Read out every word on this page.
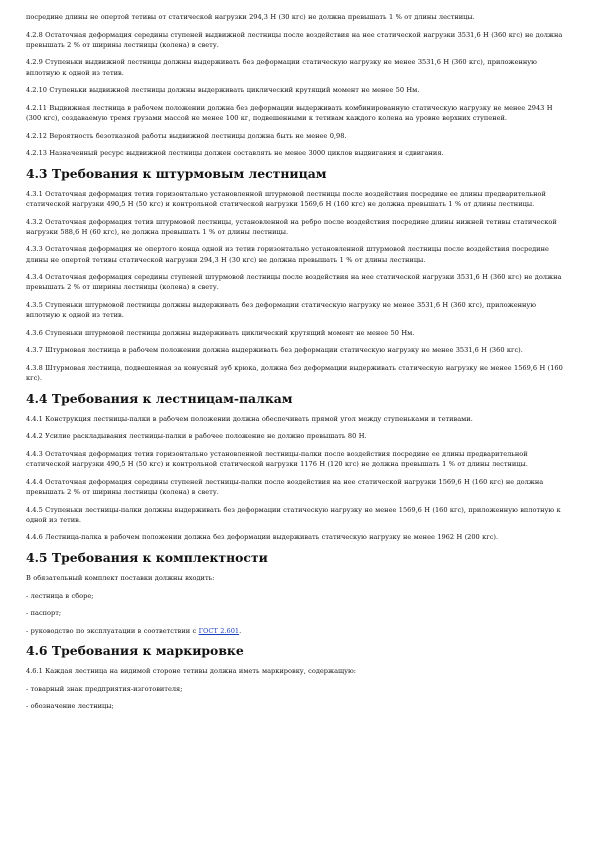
посредине длины не опертой тетивы от статической нагрузки 294,3 Н (30 кгс) не должна превышать 1 % от длины лестницы.
4.2.8 Остаточная деформация середины ступеней выдвижной лестницы после воздействия на нее статической нагрузки 3531,6 Н (360 кгс) не должна превышать 2 % от ширины лестницы (колена) в свету.
4.2.9 Ступеньки выдвижной лестницы должны выдерживать без деформации статическую нагрузку не менее 3531,6 Н (360 кгс), приложенную вплотную к одной из тетив.
4.2.10 Ступеньки выдвижной лестницы должны выдерживать циклический крутящий момент не менее 50 Нм.
4.2.11 Выдвижная лестница в рабочем положении должна без деформации выдерживать комбинированную статическую нагрузку не менее 2943 Н (300 кгс), создаваемую тремя грузами массой не менее 100 кг, подвешенными к тетивам каждого колена на уровне верхних ступеней.
4.2.12 Вероятность безотказной работы выдвижной лестницы должна быть не менее 0,98.
4.2.13 Назначенный ресурс выдвижной лестницы должен составлять не менее 3000 циклов выдвигания и сдвигания.
4.3 Требования к штурмовым лестницам
4.3.1 Остаточная деформация тетив горизонтально установленной штурмовой лестницы после воздействия посредине ее длины предварительной статической нагрузки 490,5 Н (50 кгс) и контрольной статической нагрузки 1569,6 Н (160 кгс) не должна превышать 1 % от длины лестницы.
4.3.2 Остаточная деформация тетив штурмовой лестницы, установленной на ребро после воздействия посредине длины нижней тетивы статической нагрузки 588,6 Н (60 кгс), не должна превышать 1 % от длины лестницы.
4.3.3 Остаточная деформация не опертого конца одной из тетив горизонтально установленной штурмовой лестницы после воздействия посредине длины не опертой тетивы статической нагрузки 294,3 Н (30 кгс) не должна превышать 1 % от длины лестницы.
4.3.4 Остаточная деформация середины ступеней штурмовой лестницы после воздействия на нее статической нагрузки 3531,6 Н (360 кгс) не должна превышать 2 % от ширины лестницы (колена) в свету.
4.3.5 Ступеньки штурмовой лестницы должны выдерживать без деформации статическую нагрузку не менее 3531,6 Н (360 кгс), приложенную вплотную к одной из тетив.
4.3.6 Ступеньки штурмовой лестницы должны выдерживать циклический крутящий момент не менее 50 Нм.
4.3.7 Штурмовая лестница в рабочем положении должна выдерживать без деформации статическую нагрузку не менее 3531,6 Н (360 кгс).
4.3.8 Штурмовая лестница, подвешенная за конусный зуб крюка, должна без деформации выдерживать статическую нагрузку не менее 1569,6 Н (160 кгс).
4.4 Требования к лестницам-палкам
4.4.1 Конструкция лестницы-палки в рабочем положении должна обеспечивать прямой угол между ступеньками и тетивами.
4.4.2 Усилие раскладывания лестницы-палки в рабочее положение не должно превышать 80 Н.
4.4.3 Остаточная деформация тетив горизонтально установленной лестницы-палки после воздействия посредине ее длины предварительной статической нагрузки 490,5 Н (50 кгс) и контрольной статической нагрузки 1176 Н (120 кгс) не должна превышать 1 % от длины лестницы.
4.4.4 Остаточная деформация середины ступеней лестницы-палки после воздействия на нее статической нагрузки 1569,6 Н (160 кгс) не должна превышать 2 % от ширины лестницы (колена) в свету.
4.4.5 Ступеньки лестницы-палки должны выдерживать без деформации статическую нагрузку не менее 1569,6 Н (160 кгс), приложенную вплотную к одной из тетив.
4.4.6 Лестница-палка в рабочем положении должна без деформации выдерживать статическую нагрузку не менее 1962 Н (200 кгс).
4.5 Требования к комплектности
В обязательный комплект поставки должны входить:
- лестница в сборе;
- паспорт;
- руководство по эксплуатации в соответствии с ГОСТ 2.601.
4.6 Требования к маркировке
4.6.1 Каждая лестница на видимой стороне тетивы должна иметь маркировку, содержащую:
- товарный знак предприятия-изготовителя;
- обозначение лестницы;
